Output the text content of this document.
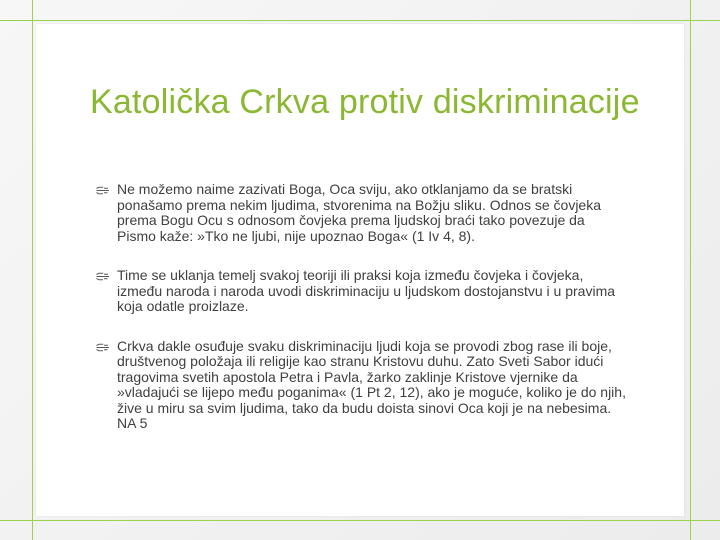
Katolička Crkva protiv diskriminacije
Ne možemo naime zazivati Boga, Oca sviju, ako otklanjamo da se bratski ponašamo prema nekim ljudima, stvorenima na Božju sliku. Odnos se čovjeka prema Bogu Ocu s odnosom čovjeka prema ljudskoj braći tako povezuje da Pismo kaže: »Tko ne ljubi, nije upoznao Boga« (1 Iv 4, 8).
Time se uklanja temelj svakoj teoriji ili praksi koja između čovjeka i čovjeka, između naroda i naroda uvodi diskriminaciju u ljudskom dostojanstvu i u pravima koja odatle proizlaze.
Crkva dakle osuđuje svaku diskriminaciju ljudi koja se provodi zbog rase ili boje, društvenog položaja ili religije kao stranu Kristovu duhu. Zato Sveti Sabor idući tragovima svetih apostola Petra i Pavla, žarko zaklinje Kristove vjernike da »vladajući se lijepo među poganima« (1 Pt 2, 12), ako je moguće, koliko je do njih, žive u miru sa svim ljudima, tako da budu doista sinovi Oca koji je na nebesima. NA 5
